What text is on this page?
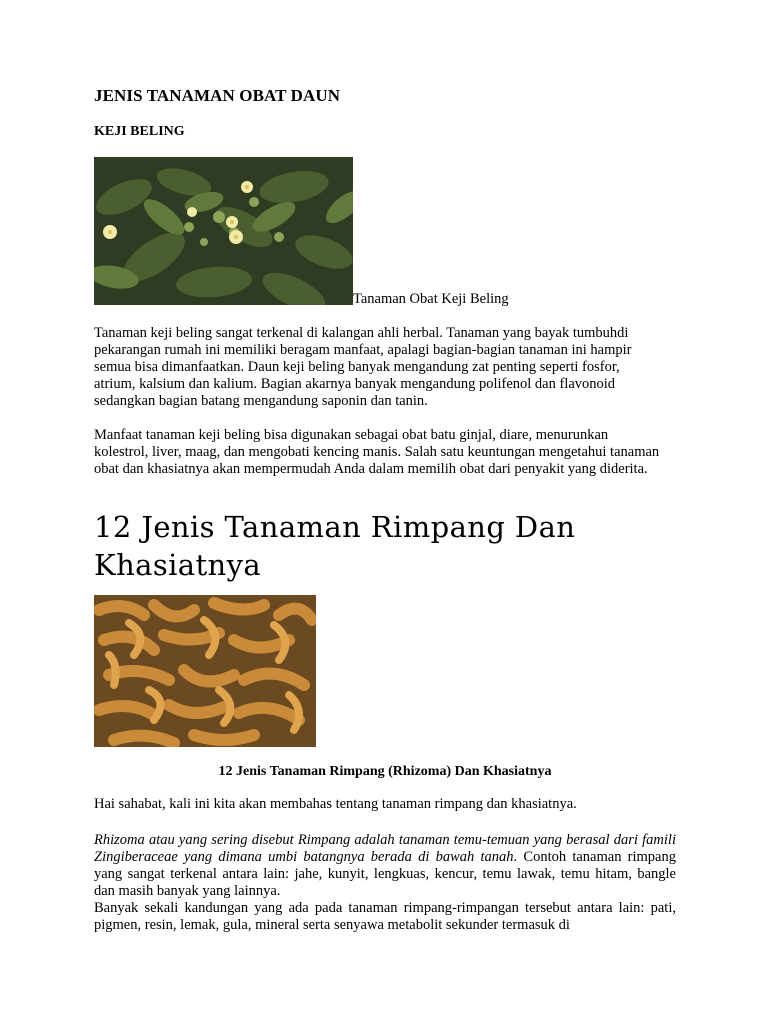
JENIS TANAMAN OBAT DAUN
KEJI BELING
Tanaman Obat Keji Beling

Tanaman keji beling sangat terkenal di kalangan ahli herbal. Tanaman yang bayak tumbuhdi pekarangan rumah ini memiliki beragam manfaat, apalagi bagian-bagian tanaman ini hampir semua bisa dimanfaatkan. Daun keji beling banyak mengandung zat penting seperti fosfor, atrium, kalsium dan kalium. Bagian akarnya banyak mengandung polifenol dan flavonoid sedangkan bagian batang mengandung saponin dan tanin.

Manfaat tanaman keji beling bisa digunakan sebagai obat batu ginjal, diare, menurunkan kolestrol, liver, maag, dan mengobati kencing manis. Salah satu keuntungan mengetahui tanaman obat dan khasiatnya akan mempermudah Anda dalam memilih obat dari penyakit yang diderita.

12 Jenis Tanaman Rimpang Dan Khasiatnya
12 Jenis Tanaman Rimpang (Rhizoma) Dan Khasiatnya

Hai sahabat, kali ini kita akan membahas tentang tanaman rimpang dan khasiatnya.

Rhizoma atau yang sering disebut Rimpang adalah tanaman temu-temuan yang berasal dari famili Zingiberaceae yang dimana umbi batangnya berada di bawah tanah. Contoh tanaman rimpang yang sangat terkenal antara lain: jahe, kunyit, lengkuas, kencur, temu lawak, temu hitam, bangle dan masih banyak yang lainnya.
Banyak sekali kandungan yang ada pada tanaman rimpang-rimpangan tersebut antara lain: pati, pigmen, resin, lemak, gula, mineral serta senyawa metabolit sekunder termasuk di
